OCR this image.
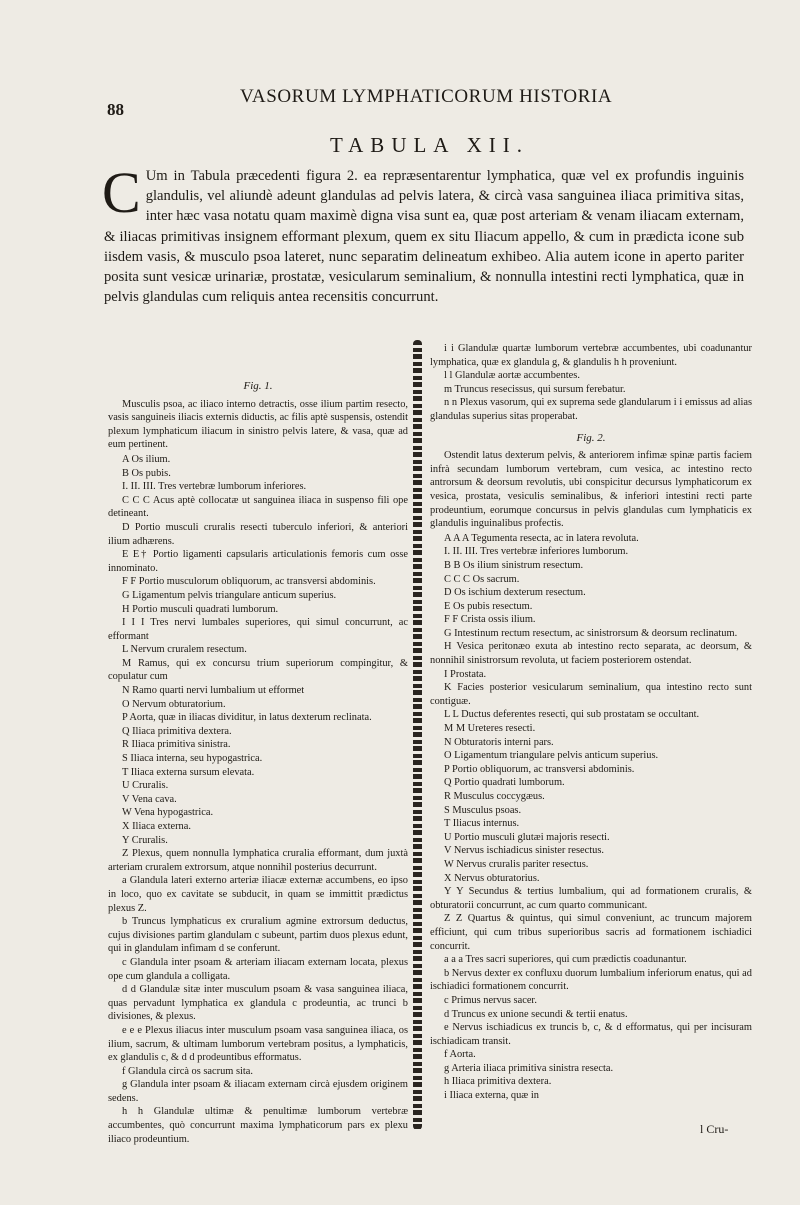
88
VASORUM LYMPHATICORUM HISTORIA
TABULA XII.
C Um in Tabula præcedenti figura 2. ea repræsentarentur lymphatica, quæ vel ex profundis inguinis glandulis, vel aliundè adeunt glandulas ad pelvis latera, & circà vasa sanguinea iliaca primitiva sitas, inter hæc vasa notatu quam maximè digna visa sunt ea, quæ post arteriam & venam iliacam externam, & iliacas primitivas insignem efformant plexum, quem ex situ Iliacum appello, & cum in prædicta icone sub iisdem vasis, & musculo psoa lateret, nunc separatim delineatum exhibeo. Alia autem icone in aperto pariter posita sunt vesicæ urinariæ, prostatæ, vesicularum seminalium, & nonnulla intestini recti lymphatica, quæ in pelvis glandulas cum reliquis antea recensitis concurrunt.
Fig. 1.
Musculis psoa, ac iliaco interno detractis, osse ilium partim resecto, vasis sanguineis iliacis externis diductis, ac filis aptè suspensis, ostendit plexum lymphaticum iliacum in sinistro pelvis latere, & vasa, quæ ad eum pertinent.
A Os ilium.
B Os pubis.
I. II. III. Tres vertebræ lumborum inferiores.
C C C Acus aptè collocatæ ut sanguinea iliaca in suspenso fili ope detineant.
D Portio musculi cruralis resecti tuberculo inferiori, & anteriori ilium adhærens.
E E† Portio ligamenti capsularis articulationis femoris cum osse innominato.
F F Portio musculorum obliquorum, ac transversi abdominis.
G Ligamentum pelvis triangulare anticum superius.
H Portio musculi quadrati lumborum.
I I I Tres nervi lumbales superiores, qui simul concurrunt, ac efformant
L Nervum cruralem resectum.
M Ramus, qui ex concursu trium superiorum compingitur, & copulatur cum
N Ramo quarti nervi lumbalium ut efformet
O Nervum obturatorium.
P Aorta, quæ in iliacas dividitur, in latus dexterum reclinata.
Q Iliaca primitiva dextera.
R Iliaca primitiva sinistra.
S Iliaca interna, seu hypogastrica.
T Iliaca externa sursum elevata.
U Cruralis.
V Vena cava.
W Vena hypogastrica.
X Iliaca externa.
Y Cruralis.
Z Plexus, quem nonnulla lymphatica cruralia efformant, dum juxtà arteriam cruralem extrorsum, atque nonnihil posterius decurrunt.
a Glandula lateri externo arteriæ iliacæ externæ accumbens, eo ipso in loco, quo ex cavitate se subducit, in quam se immittit prædictus plexus Z.
b Truncus lymphaticus ex cruralium agmine extrorsum deductus, cujus divisiones partim glandulam c subeunt, partim duos plexus edunt, qui in glandulam infimam d se conferunt.
c Glandula inter psoam & arteriam iliacam externam locata, plexus ope cum glandula a colligata.
d d Glandulæ sitæ inter musculum psoam & vasa sanguinea iliaca, quas pervadunt lymphatica ex glandula c prodeuntia, ac trunci b divisiones, & plexus.
e e e Plexus iliacus inter musculum psoam vasa sanguinea iliaca, os ilium, sacrum, & ultimam lumborum vertebram positus, a lymphaticis, ex glandulis c, & d d prodeuntibus efformatus.
f Glandula circà os sacrum sita.
g Glandula inter psoam & iliacam externam circà ejusdem originem sedens.
h h Glandulæ ultimæ & penultimæ lumborum vertebræ accumbentes, quò concurrunt maxima lymphaticorum pars ex plexu iliaco prodeuntium.
i i Glandulæ quartæ lumborum vertebræ accumbentes, ubi coadunantur lymphatica, quæ ex glandula g, & glandulis h h proveniunt.
l l Glandulæ aortæ accumbentes.
m Truncus resecissus, qui sursum ferebatur.
n n Plexus vasorum, qui ex suprema sede glandularum i i emissus ad alias glandulas superius sitas properabat.
Fig. 2.
Ostendit latus dexterum pelvis, & anteriorem infimæ spinæ partis faciem infrà secundam lumborum vertebram, cum vesica, ac intestino recto antrorsum & deorsum revolutis, ubi conspicitur decursus lymphaticorum ex vesica, prostata, vesiculis seminalibus, & inferiori intestini recti parte prodeuntium, eorumque concursus in pelvis glandulas cum lymphaticis ex glandulis inguinalibus profectis.
A A A Tegumenta resecta, ac in latera revoluta.
I. II. III. Tres vertebræ inferiores lumborum.
B B Os ilium sinistrum resectum.
C C C Os sacrum.
D Os ischium dexterum resectum.
E Os pubis resectum.
F F Crista ossis ilium.
G Intestinum rectum resectum, ac sinistrorsum & deorsum reclinatum.
H Vesica peritonæo exuta ab intestino recto separata, ac deorsum, & nonnihil sinistrorsum revoluta, ut faciem posteriorem ostendat.
I Prostata.
K Facies posterior vesicularum seminalium, qua intestino recto sunt contiguæ.
L L Ductus deferentes resecti, qui sub prostatam se occultant.
M M Ureteres resecti.
N Obturatoris interni pars.
O Ligamentum triangulare pelvis anticum superius.
P Portio obliquorum, ac transversi abdominis.
Q Portio quadrati lumborum.
R Musculus coccygæus.
S Musculus psoas.
T Iliacus internus.
U Portio musculi glutæi majoris resecti.
V Nervus ischiadicus sinister resectus.
W Nervus cruralis pariter resectus.
X Nervus obturatorius.
Y Y Secundus & tertius lumbalium, qui ad formationem cruralis, & obturatorii concurrunt, ac cum quarto communicant.
Z Z Quartus & quintus, qui simul conveniunt, ac truncum majorem efficiunt, qui cum tribus superioribus sacris ad formationem ischiadici concurrit.
a a a Tres sacri superiores, qui cum prædictis coadunantur.
b Nervus dexter ex confluxu duorum lumbalium inferiorum enatus, qui ad ischiadici formationem concurrit.
c Primus nervus sacer.
d Truncus ex unione secundi & tertii enatus.
e Nervus ischiadicus ex truncis b, c, & d efformatus, qui per incisuram ischiadicam transit.
f Aorta.
g Arteria iliaca primitiva sinistra resecta.
h Iliaca primitiva dextera.
i Iliaca externa, quæ in
l Cru-
